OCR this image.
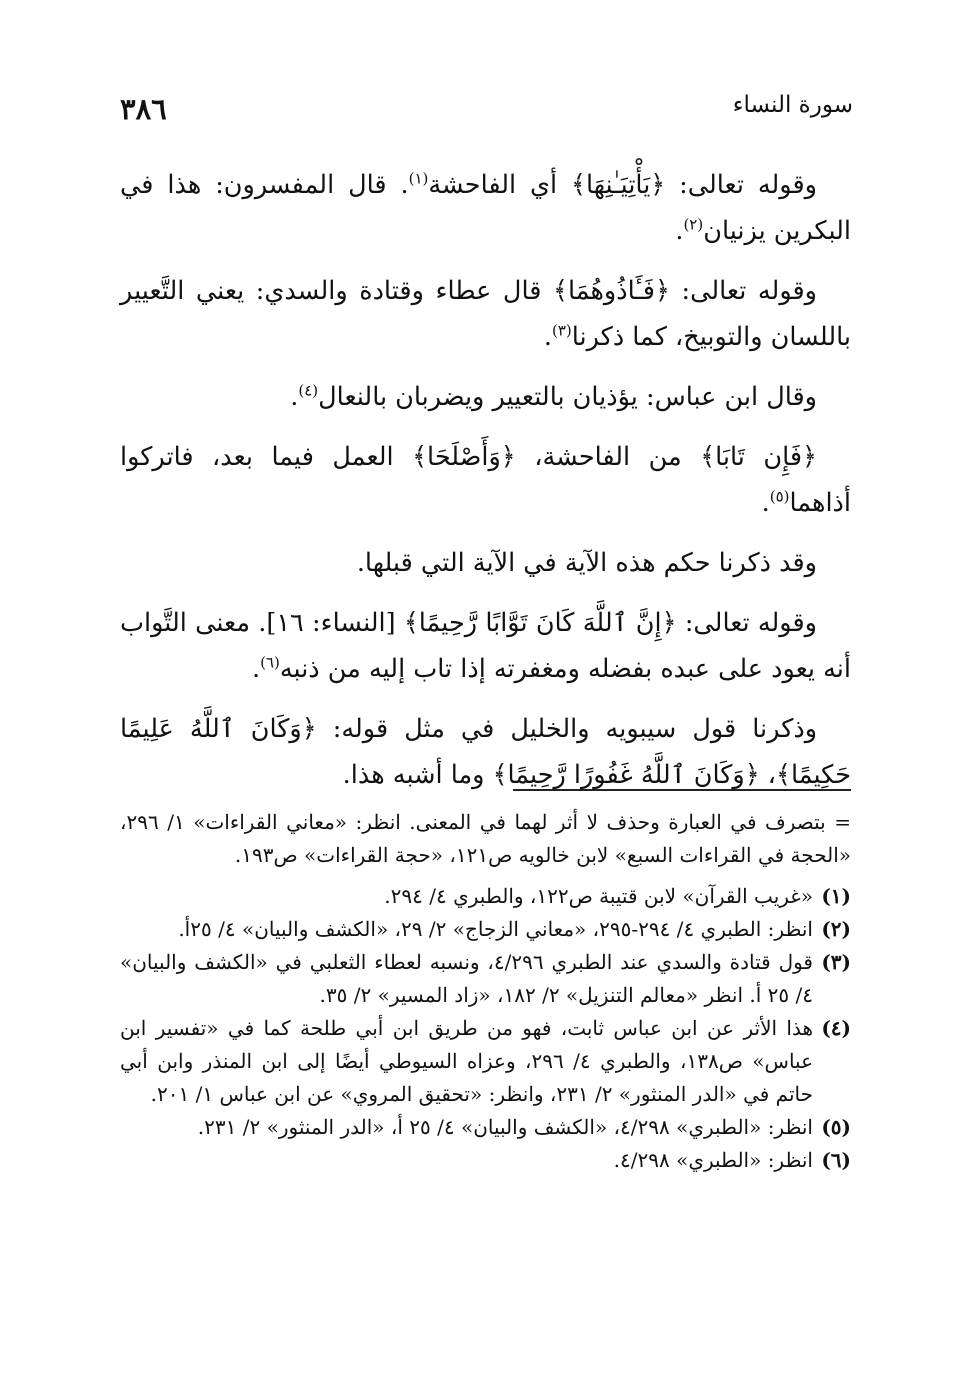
٣٨٦	سورة النساء

وقوله تعالى: ﴿يَأْتِيَـٰنِهَا﴾ أي الفاحشة$^{(١)}$. قال المفسرون: هذا في البكرين يزنيان$^{(٢)}$.

وقوله تعالى: ﴿فَـَٔاذُوهُمَا﴾ قال عطاء وقتادة والسدي: يعني التَّعيير باللسان والتوبيخ، كما ذكرنا$^{(٣)}$.

وقال ابن عباس: يؤذيان بالتعيير ويضربان بالنعال$^{(٤)}$.

﴿فَإِن تَابَا﴾ من الفاحشة، ﴿وَأَصْلَحَا﴾ العمل فيما بعد، فاتركوا أذاهما$^{(٥)}$.

وقد ذكرنا حكم هذه الآية في الآية التي قبلها.

وقوله تعالى: ﴿إِنَّ ٱللَّهَ كَانَ تَوَّابًا رَّحِيمًا﴾ [النساء: ١٦]. معنى التَّواب أنه يعود على عبده بفضله ومغفرته إذا تاب إليه من ذنبه$^{(٦)}$.

وذكرنا قول سيبويه والخليل في مثل قوله: ﴿وَكَانَ ٱللَّهُ عَلِيمًا حَكِيمًا﴾، ﴿وَكَانَ ٱللَّهُ غَفُورًا رَّحِيمًا﴾ وما أشبه هذا.

= بتصرف في العبارة وحذف لا أثر لهما في المعنى. انظر: «معاني القراءات» ١/ ٢٩٦، «الحجة في القراءات السبع» لابن خالويه ص١٢١، «حجة القراءات» ص١٩٣.

(١)
«غريب القرآن» لابن قتيبة ص١٢٢، والطبري ٤/ ٢٩٤.
(٢)
انظر: الطبري ٤/ ٢٩٤-٢٩٥، «معاني الزجاج» ٢/ ٢٩، «الكشف والبيان» ٤/ ٢٥أ.
(٣)
قول قتادة والسدي عند الطبري ٤/٢٩٦، ونسبه لعطاء الثعلبي في «الكشف والبيان» ٤/ ٢٥ أ. انظر «معالم التنزيل» ٢/ ١٨٢، «زاد المسير» ٢/ ٣٥.
(٤)
هذا الأثر عن ابن عباس ثابت، فهو من طريق ابن أبي طلحة كما في «تفسير ابن عباس» ص١٣٨، والطبري ٤/ ٢٩٦، وعزاه السيوطي أيضًا إلى ابن المنذر وابن أبي حاتم في «الدر المنثور» ٢/ ٢٣١، وانظر: «تحقيق المروي» عن ابن عباس ١/ ٢٠١.
(٥)
انظر: «الطبري» ٤/٢٩٨، «الكشف والبيان» ٤/ ٢٥ أ، «الدر المنثور» ٢/ ٢٣١.
(٦)
انظر: «الطبري» ٤/٢٩٨.
